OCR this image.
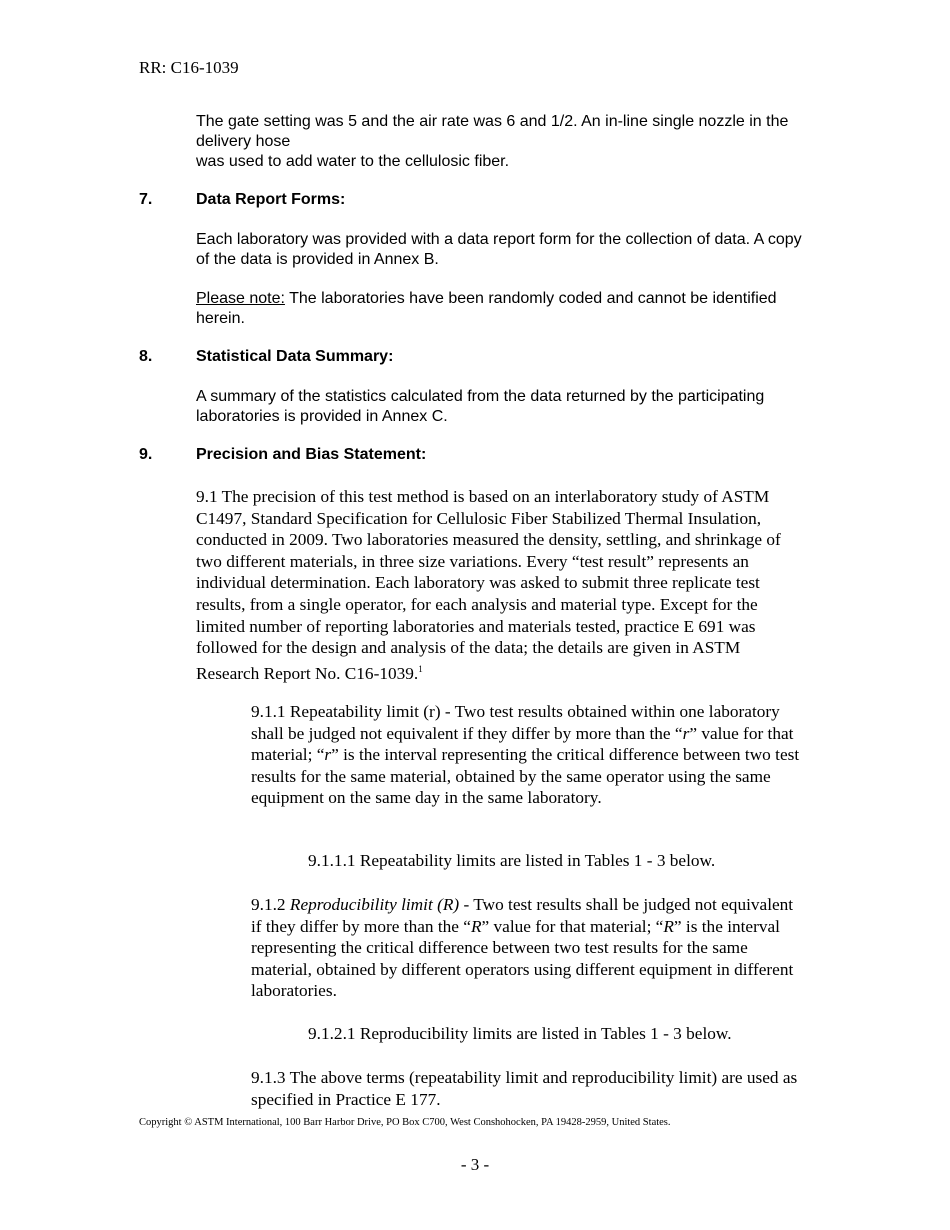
RR: C16-1039
The gate setting was 5 and the air rate was 6 and 1/2. An in-line single nozzle in the delivery hose
was used to add water to the cellulosic fiber.
7.	Data Report Forms:
Each laboratory was provided with a data report form for the collection of data. A copy of the data is provided in Annex B.
Please note: The laboratories have been randomly coded and cannot be identified herein.
8.	Statistical Data Summary:
A summary of the statistics calculated from the data returned by the participating laboratories is provided in Annex C.
9.	Precision and Bias Statement:
9.1 The precision of this test method is based on an interlaboratory study of ASTM C1497, Standard Specification for Cellulosic Fiber Stabilized Thermal Insulation, conducted in 2009. Two laboratories measured the density, settling, and shrinkage of two different materials, in three size variations. Every “test result” represents an individual determination. Each laboratory was asked to submit three replicate test results, from a single operator, for each analysis and material type. Except for the limited number of reporting laboratories and materials tested, practice E 691 was followed for the design and analysis of the data; the details are given in ASTM Research Report No. C16-1039.$^1$
9.1.1 Repeatability limit (r) - Two test results obtained within one laboratory shall be judged not equivalent if they differ by more than the “r” value for that material; “r” is the interval representing the critical difference between two test results for the same material, obtained by the same operator using the same equipment on the same day in the same laboratory.
9.1.1.1 Repeatability limits are listed in Tables 1 - 3 below.
9.1.2 Reproducibility limit (R) - Two test results shall be judged not equivalent if they differ by more than the “R” value for that material; “R” is the interval representing the critical difference between two test results for the same material, obtained by different operators using different equipment in different laboratories.
9.1.2.1 Reproducibility limits are listed in Tables 1 - 3 below.
9.1.3 The above terms (repeatability limit and reproducibility limit) are used as specified in Practice E 177.
Copyright © ASTM International, 100 Barr Harbor Drive, PO Box C700, West Conshohocken, PA 19428-2959, United States.
- 3 -
